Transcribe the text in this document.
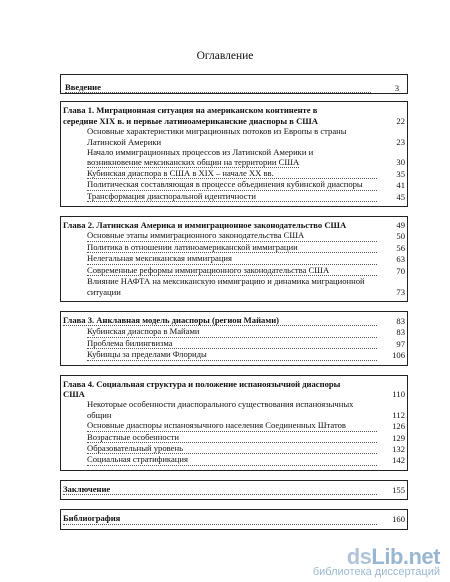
Оглавление
Введение	3
Глава 1. Миграционная ситуация на американском континенте в
середине XIX в. и первые латиноамериканские диаспоры в США	22
Основные характеристики миграционных потоков из Европы в страны
Латинской Америки	23
Начало иммиграционных процессов из Латинской Америки и
возникновение мексиканских общин на территории США	30
Кубинская диаспора в США в XIX – начале XX вв.	35
Политическая составляющая в процессе объединения кубинской диаспоры	41
Трансформация диаспоральной идентичности	45
Глава 2. Латинская Америка и иммиграционное законодательство США	49
Основные этапы иммиграционного законодательства США	50
Политика в отношении латиноамериканской иммиграции	56
Нелегальная мексиканская иммиграция	63
Современные реформы иммиграционного законодательства США	70
Влияние НАФТА на мексиканскую иммиграцию и динамика миграционной
ситуации	73
Глава 3. Анклавная модель диаспоры (регион Майами)	83
Кубинская диаспора в Майами	83
Проблема билингвизма	97
Кубинцы за пределами Флориды	106
Глава 4. Социальная структура и положение испаноязычной диаспоры
США	110
Некоторые особенности диаспорального существования испаноязычных
общин	112
Основные диаспоры испаноязычного населения Соединенных Штатов	126
Возрастные особенности	129
Образовательный уровень	132
Социальная стратификация	142
Заключение	155
Библиография	160
dsLib.net
библиотека диссертаций
